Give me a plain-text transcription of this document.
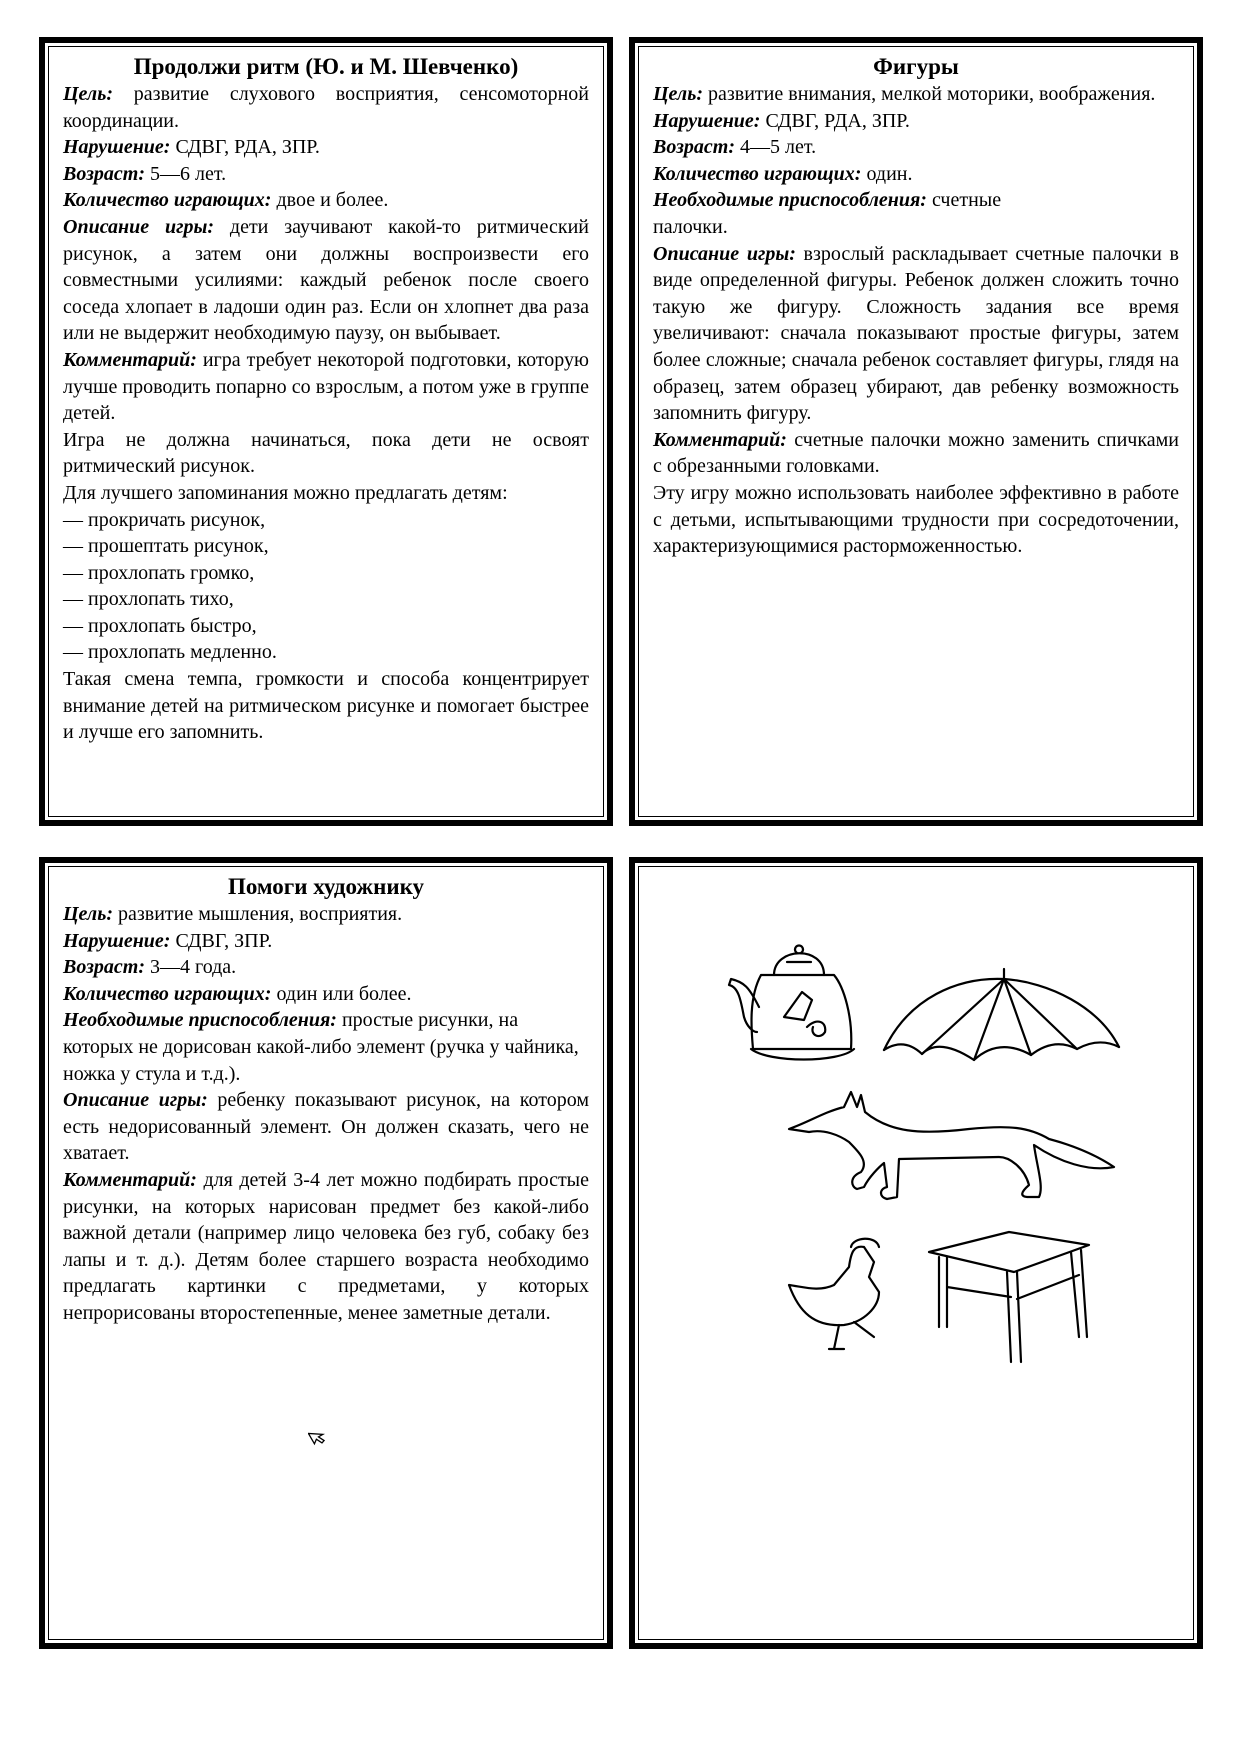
Продолжи ритм (Ю. и М. Шевченко)

Цель: развитие слухового восприятия, сенсомоторной координации.

Нарушение: СДВГ, РДА, ЗПР.

Возраст: 5—6 лет.

Количество играющих: двое и более.

Описание игры: дети заучивают какой-то ритмический рисунок, а затем они должны воспроизвести его совместными усилиями: каждый ребенок после своего соседа хлопает в ладоши один раз. Если он хлопнет два раза или не выдержит необходимую паузу, он выбывает.

Комментарий: игра требует некоторой подготовки, которую лучше проводить попарно со взрослым, а потом уже в группе детей.

Игра не должна начинаться, пока дети не освоят ритмический рисунок.

Для лучшего запоминания можно предлагать детям:

— прокричать рисунок,

— прошептать рисунок,

— прохлопать громко,

— прохлопать тихо,

— прохлопать быстро,

— прохлопать медленно.

Такая смена темпа, громкости и способа концентрирует внимание детей на ритмическом рисунке и помогает быстрее и лучше его запомнить.

Фигуры

Цель: развитие внимания, мелкой моторики, воображения.

Нарушение: СДВГ, РДА, ЗПР.

Возраст: 4—5 лет.

Количество играющих: один.

Необходимые приспособления: счетные палочки.

Описание игры: взрослый раскладывает счетные палочки в виде определенной фигуры. Ребенок должен сложить точно такую же фигуру. Сложность задания все время увеличивают: сначала показывают простые фигуры, затем более сложные; сначала ребенок составляет фигуры, глядя на образец, затем образец убирают, дав ребенку возможность запомнить фигуру.

Комментарий: счетные палочки можно заменить спичками с обрезанными головками.

Эту игру можно использовать наиболее эффективно в работе с детьми, испытывающими трудности при сосредоточении, характеризующимися расторможенностью.

Помоги художнику

Цель: развитие мышления, восприятия.

Нарушение: СДВГ, ЗПР.

Возраст: 3—4 года.

Количество играющих: один или более.

Необходимые приспособления: простые рисунки, на которых не дорисован какой-либо элемент (ручка у чайника, ножка у стула и т.д.).

Описание игры: ребенку показывают рисунок, на котором есть недорисованный элемент. Он должен сказать, чего не хватает.

Комментарий: для детей 3-4 лет можно подбирать простые рисунки, на которых нарисован предмет без какой-либо важной детали (например лицо человека без губ, собаку без лапы и т. д.). Детям более старшего возраста необходимо предлагать картинки с предметами, у которых непрорисованы второстепенные, менее заметные детали.
